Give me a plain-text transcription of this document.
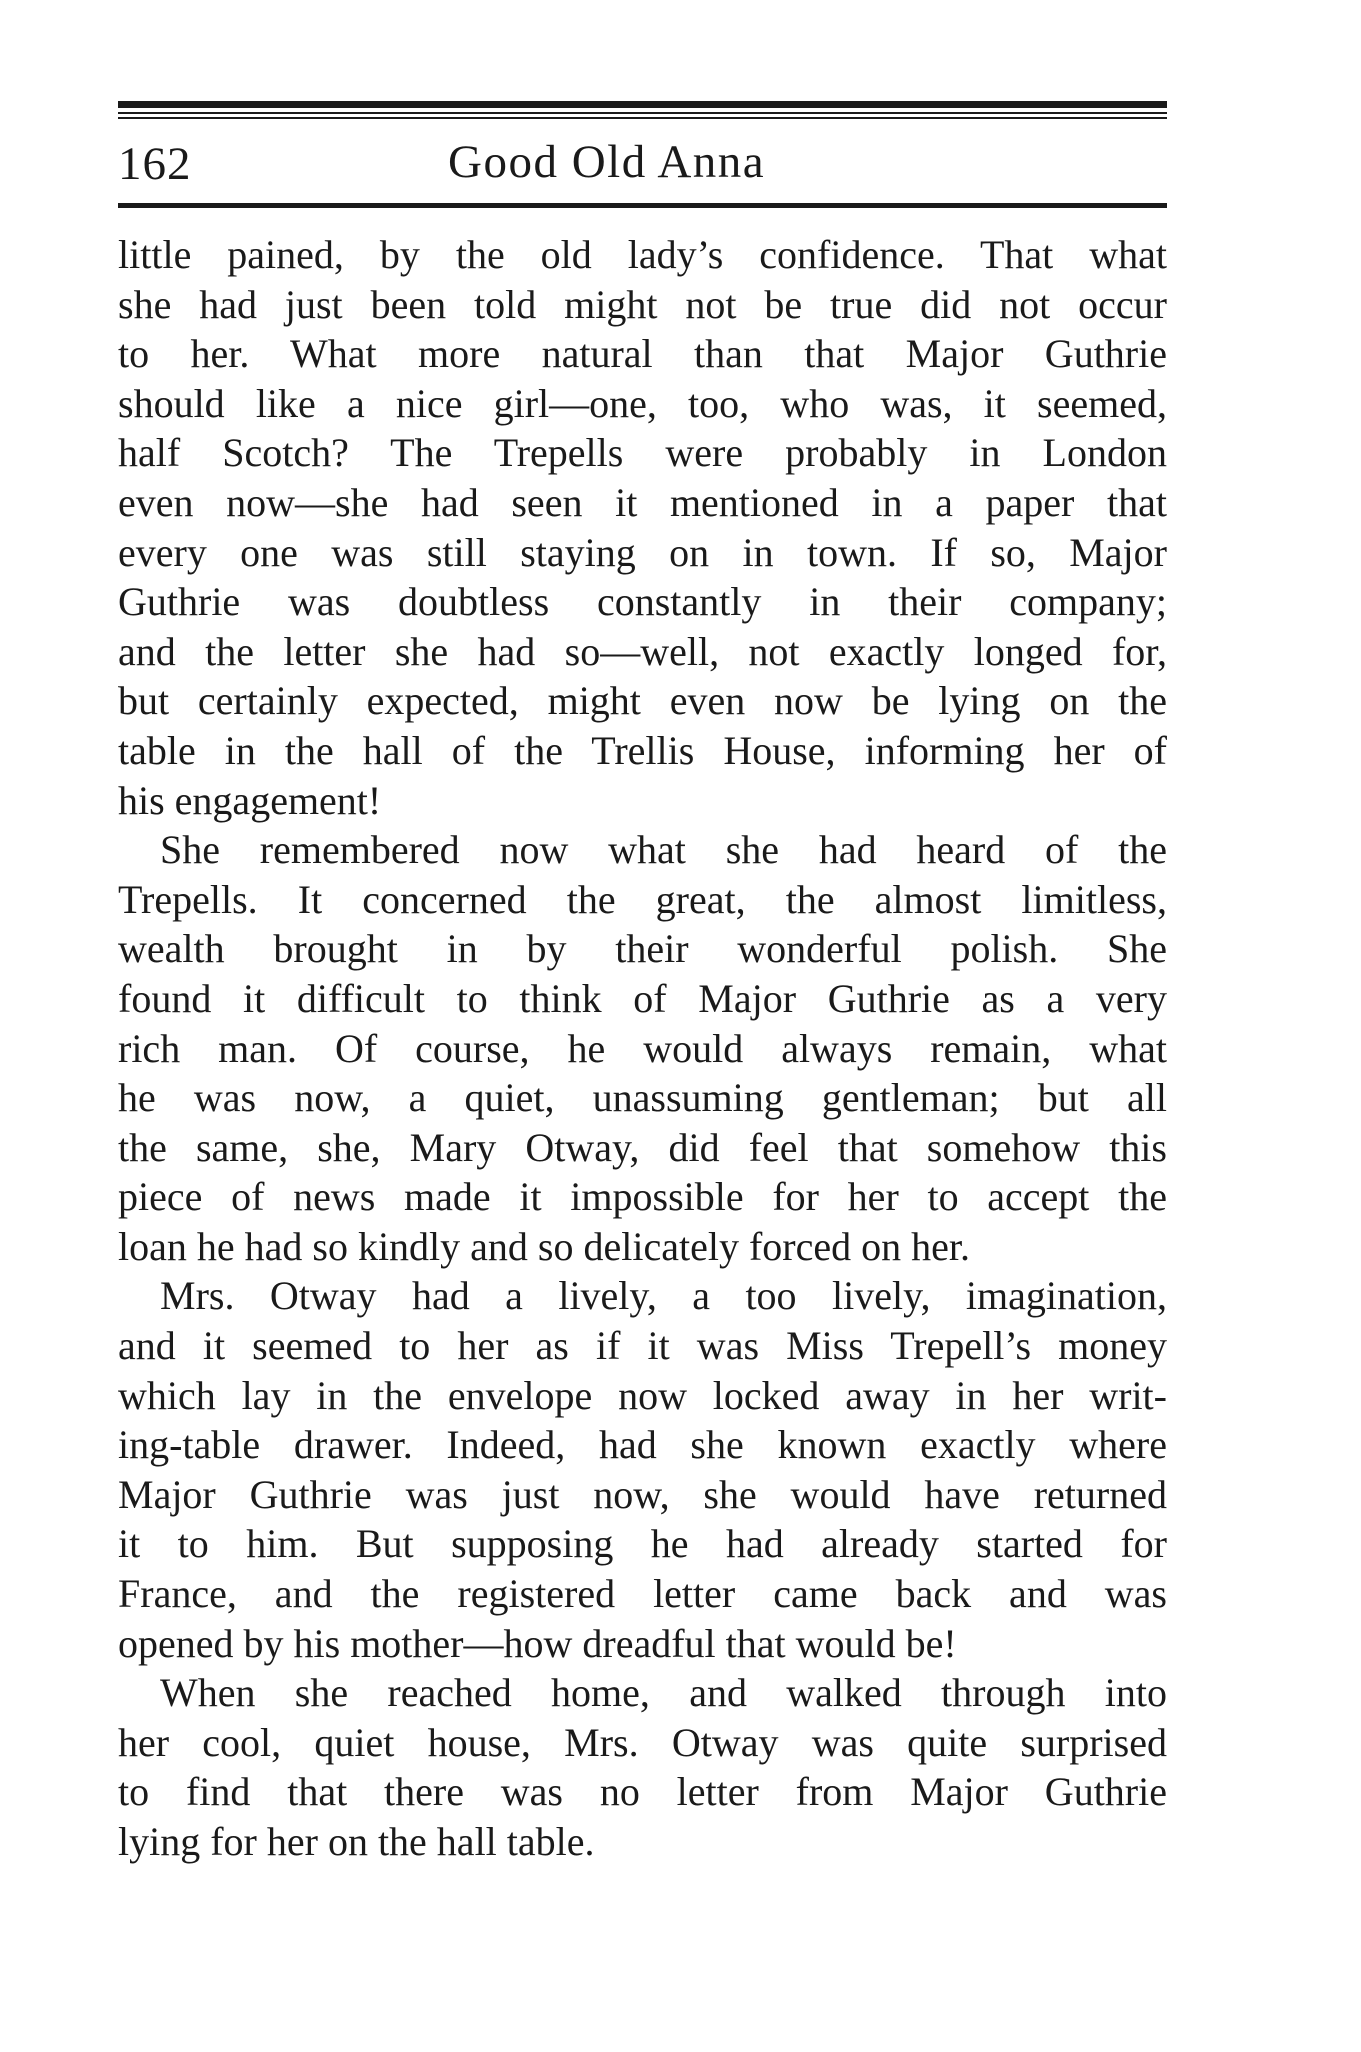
162	Good Old Anna
little pained, by the old lady’s confidence. That what
she had just been told might not be true did not occur
to her. What more natural than that Major Guthrie
should like a nice girl—one, too, who was, it seemed,
half Scotch? The Trepells were probably in London
even now—she had seen it mentioned in a paper that
every one was still staying on in town. If so, Major
Guthrie was doubtless constantly in their company;
and the letter she had so—well, not exactly longed for,
but certainly expected, might even now be lying on the
table in the hall of the Trellis House, informing her of
his engagement!
She remembered now what she had heard of the
Trepells. It concerned the great, the almost limitless,
wealth brought in by their wonderful polish. She
found it difficult to think of Major Guthrie as a very
rich man. Of course, he would always remain, what
he was now, a quiet, unassuming gentleman; but all
the same, she, Mary Otway, did feel that somehow this
piece of news made it impossible for her to accept the
loan he had so kindly and so delicately forced on her.
Mrs. Otway had a lively, a too lively, imagination,
and it seemed to her as if it was Miss Trepell’s money
which lay in the envelope now locked away in her writ-
ing-table drawer. Indeed, had she known exactly where
Major Guthrie was just now, she would have returned
it to him. But supposing he had already started for
France, and the registered letter came back and was
opened by his mother—how dreadful that would be!
When she reached home, and walked through into
her cool, quiet house, Mrs. Otway was quite surprised
to find that there was no letter from Major Guthrie
lying for her on the hall table.
